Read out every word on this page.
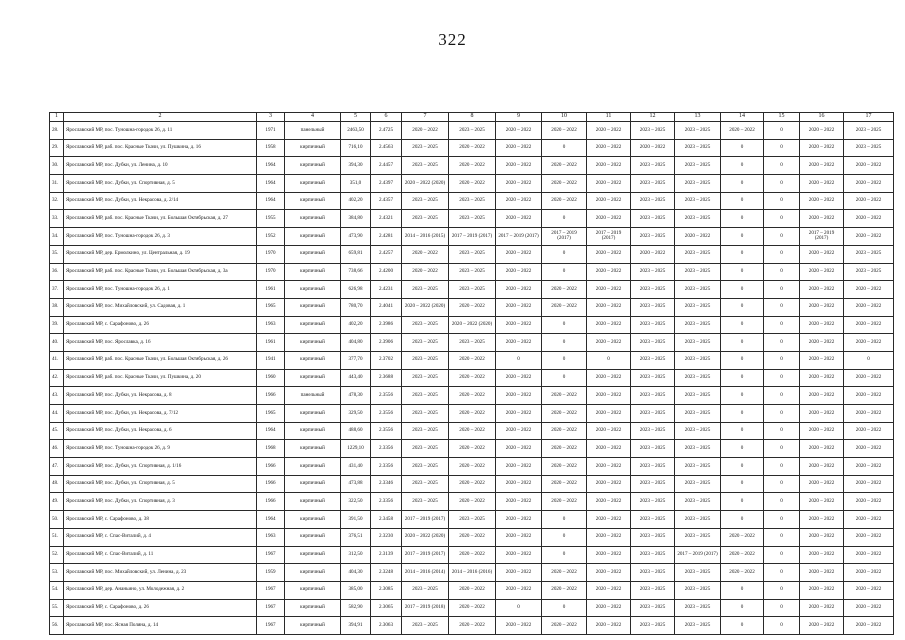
322
1	2	3	4	5	6	7	8	9	10	11	12	13	14	15	16	17
28.	Ярославский МР, пос. Туношна-городок 26, д. 11	1971	панельный	2463,50	2.4725	2020 – 2022	2023 – 2025	2020 – 2022	2020 – 2022	2020 – 2022	2023 – 2025	2023 – 2025	2020 – 2022	0	2020 – 2022	2023 – 2025
29.	Ярославский МР, раб. пос. Красные Ткачи, ул. Пушкина, д. 16	1958	кирпичный	716,10	2.4563	2023 – 2025	2020 – 2022	2020 – 2022	0	2020 – 2022	2020 – 2022	2023 – 2025	0	0	2020 – 2022	2023 – 2025
30.	Ярославский МР, пос. Дубки, ул. Ленина, д. 10	1964	кирпичный	394,30	2.4457	2023 – 2025	2020 – 2022	2020 – 2022	2020 – 2022	2020 – 2022	2023 – 2025	2023 – 2025	0	0	2020 – 2022	2020 – 2022
31.	Ярославский МР, пос. Дубки, ул. Спортивная, д. 5	1964	кирпичный	351,0	2.4397	2020 – 2022 (2020)	2020 – 2022	2020 – 2022	2020 – 2022	2020 – 2022	2023 – 2025	2023 – 2025	0	0	2020 – 2022	2020 – 2022
32.	Ярославский МР, пос. Дубки, ул. Некрасова, д. 2/14	1964	кирпичный	402,20	2.4357	2023 – 2025	2023 – 2025	2020 – 2022	2020 – 2022	2020 – 2022	2023 – 2025	2023 – 2025	0	0	2020 – 2022	2020 – 2022
33.	Ярославский МР, раб. пос. Красные Ткачи, ул. Большая Октябрьская, д. 27	1955	кирпичный	384,80	2.4321	2023 – 2025	2023 – 2025	2020 – 2022	0	2020 – 2022	2023 – 2025	2023 – 2025	0	0	2020 – 2022	2020 – 2022
34.	Ярославский МР, пос. Туношна-городок 26, д. 3	1952	кирпичный	473,90	2.4281	2014 – 2016 (2015)	2017 – 2019 (2017)	2017 – 2019 (2017)	2017 – 2019 (2017)	2017 – 2019 (2017)	2023 – 2025	2020 – 2022	0	0	2017 – 2019 (2017)	2020 – 2022
35.	Ярославский МР, дер. Ермолкино, ул. Центральная, д. 19	1970	кирпичный	659,81	2.4257	2020 – 2022	2023 – 2025	2020 – 2022	0	2020 – 2022	2020 – 2022	2023 – 2025	0	0	2020 – 2022	2023 – 2025
36.	Ярославский МР, раб. пос. Красные Ткачи, ул. Большая Октябрьская, д. 3а	1970	кирпичный	738,66	2.4200	2020 – 2022	2023 – 2025	2020 – 2022	0	2020 – 2022	2023 – 2025	2023 – 2025	0	0	2020 – 2022	2023 – 2025
37.	Ярославский МР, пос. Туношна-городок 26, д. 1	1961	кирпичный	626,98	2.4231	2023 – 2025	2023 – 2025	2020 – 2022	2020 – 2022	2020 – 2022	2023 – 2025	2023 – 2025	0	0	2020 – 2022	2020 – 2022
38.	Ярославский МР, пос. Михайловский, ул. Садовая, д. 1	1965	кирпичный	780,70	2.4041	2020 – 2022 (2020)	2020 – 2022	2020 – 2022	2020 – 2022	2020 – 2022	2023 – 2025	2023 – 2025	0	0	2020 – 2022	2020 – 2022
39.	Ярославский МР, с. Сарафоново, д. 26	1963	кирпичный	402,20	2.3986	2023 – 2025	2020 – 2022 (2020)	2020 – 2022	0	2020 – 2022	2023 – 2025	2023 – 2025	0	0	2020 – 2022	2020 – 2022
40.	Ярославский МР, пос. Ярославка, д. 16	1961	кирпичный	404,80	2.3906	2023 – 2025	2023 – 2025	2020 – 2022	0	2020 – 2022	2023 – 2025	2023 – 2025	0	0	2020 – 2022	2020 – 2022
41.	Ярославский МР, раб. пос. Красные Ткачи, ул. Большая Октябрьская, д. 26	1941	кирпичный	377,70	2.3702	2023 – 2025	2020 – 2022	0	0	0	2023 – 2025	2023 – 2025	0	0	2020 – 2022	0
42.	Ярославский МР, раб. пос. Красные Ткачи, ул. Пушкина, д. 20	1960	кирпичный	443,40	2.3688	2023 – 2025	2020 – 2022	2020 – 2022	0	2020 – 2022	2023 – 2025	2023 – 2025	0	0	2020 – 2022	2020 – 2022
43.	Ярославский МР, пос. Дубки, ул. Некрасова, д. 8	1966	панельный	478,30	2.3556	2023 – 2025	2020 – 2022	2020 – 2022	2020 – 2022	2020 – 2022	2023 – 2025	2023 – 2025	0	0	2020 – 2022	2020 – 2022
44.	Ярославский МР, пос. Дубки, ул. Некрасова, д. 7/12	1965	кирпичный	329,50	2.3556	2023 – 2025	2020 – 2022	2020 – 2022	2020 – 2022	2020 – 2022	2023 – 2025	2023 – 2025	0	0	2020 – 2022	2020 – 2022
45.	Ярославский МР, пос. Дубки, ул. Некрасова, д. 6	1964	кирпичный	488,60	2.3556	2023 – 2025	2020 – 2022	2020 – 2022	2020 – 2022	2020 – 2022	2023 – 2025	2023 – 2025	0	0	2020 – 2022	2020 – 2022
46.	Ярославский МР, пос. Туношна-городок 26, д. 9	1968	кирпичный	1229,10	2.3356	2023 – 2025	2020 – 2022	2020 – 2022	2020 – 2022	2020 – 2022	2023 – 2025	2023 – 2025	0	0	2020 – 2022	2020 – 2022
47.	Ярославский МР, пос. Дубки, ул. Спортивная, д. 1/16	1966	кирпичный	431,40	2.3356	2023 – 2025	2020 – 2022	2020 – 2022	2020 – 2022	2020 – 2022	2023 – 2025	2023 – 2025	0	0	2020 – 2022	2020 – 2022
48.	Ярославский МР, пос. Дубки, ул. Спортивная, д. 5	1966	кирпичный	473,88	2.3346	2023 – 2025	2020 – 2022	2020 – 2022	2020 – 2022	2020 – 2022	2023 – 2025	2023 – 2025	0	0	2020 – 2022	2020 – 2022
49.	Ярославский МР, пос. Дубки, ул. Спортивная, д. 3	1966	кирпичный	322,50	2.3356	2023 – 2025	2020 – 2022	2020 – 2022	2020 – 2022	2020 – 2022	2023 – 2025	2023 – 2025	0	0	2020 – 2022	2020 – 2022
50.	Ярославский МР, с. Сарафоново, д. 38	1964	кирпичный	391,50	2.3458	2017 – 2019 (2017)	2023 – 2025	2020 – 2022	0	2020 – 2022	2023 – 2025	2023 – 2025	0	0	2020 – 2022	2020 – 2022
51.	Ярославский МР, с. Спас-Виталий, д. 4	1963	кирпичный	376,51	2.3230	2020 – 2022 (2020)	2020 – 2022	2020 – 2022	0	2020 – 2022	2023 – 2025	2023 – 2025	2020 – 2022	0	2020 – 2022	2020 – 2022
52.	Ярославский МР, с. Спас-Виталий, д. 11	1967	кирпичный	312,50	2.3139	2017 – 2019 (2017)	2020 – 2022	2020 – 2022	0	2020 – 2022	2023 – 2025	2017 – 2019 (2017)	2020 – 2022	0	2020 – 2022	2020 – 2022
53.	Ярославский МР, пос. Михайловский, ул. Ленина, д. 23	1959	кирпичный	404,30	2.3248	2014 – 2016 (2014)	2014 – 2016 (2016)	2020 – 2022	2020 – 2022	2020 – 2022	2023 – 2025	2023 – 2025	2020 – 2022	0	2020 – 2022	2020 – 2022
54.	Ярославский МР, дер. Ананьино, ул. Молодежная, д. 2	1967	кирпичный	385,00	2.3085	2023 – 2025	2020 – 2022	2020 – 2022	2020 – 2022	2020 – 2022	2023 – 2025	2023 – 2025	0	0	2020 – 2022	2020 – 2022
55.	Ярославский МР, с. Сарафоново, д. 26	1967	кирпичный	582,90	2.3065	2017 – 2019 (2018)	2020 – 2022	0	0	2020 – 2022	2023 – 2025	2023 – 2025	0	0	2020 – 2022	2020 – 2022
56.	Ярославский МР, пос. Ясная Поляна, д. 14	1967	кирпичный	394,91	2.3063	2023 – 2025	2020 – 2022	2020 – 2022	2020 – 2022	2020 – 2022	2023 – 2025	2023 – 2025	0	0	2020 – 2022	2020 – 2022
